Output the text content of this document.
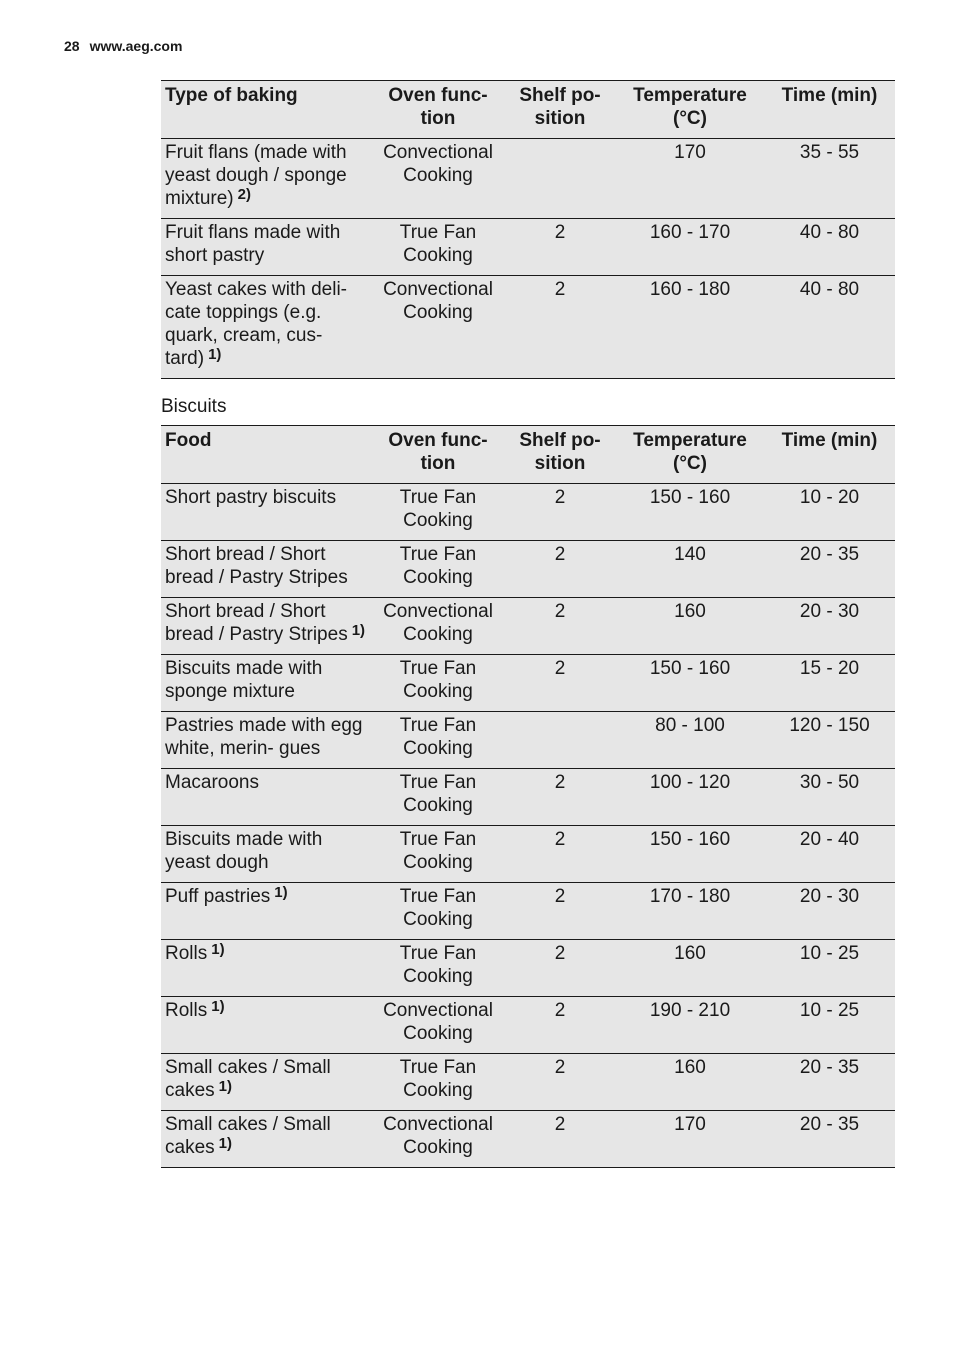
28 www.aeg.com
Type of baking	Oven func- tion	Shelf po- sition	Temperature (°C)	Time (min)
Fruit flans (made with yeast dough / sponge mixture) $^{2)}$	Convectional Cooking		170	35 - 55
Fruit flans made with short pastry	True Fan Cooking	2	160 - 170	40 - 80
Yeast cakes with deli- cate toppings (e.g. quark, cream, cus- tard) $^{1)}$	Convectional Cooking	2	160 - 180	40 - 80
Biscuits
Food	Oven func- tion	Shelf po- sition	Temperature (°C)	Time (min)
Short pastry biscuits	True Fan Cooking	2	150 - 160	10 - 20
Short bread / Short bread / Pastry Stripes	True Fan Cooking	2	140	20 - 35
Short bread / Short bread / Pastry Stripes $^{1)}$	Convectional Cooking	2	160	20 - 30
Biscuits made with sponge mixture	True Fan Cooking	2	150 - 160	15 - 20
Pastries made with egg white, merin- gues	True Fan Cooking		80 - 100	120 - 150
Macaroons	True Fan Cooking	2	100 - 120	30 - 50
Biscuits made with yeast dough	True Fan Cooking	2	150 - 160	20 - 40
Puff pastries $^{1)}$	True Fan Cooking	2	170 - 180	20 - 30
Rolls $^{1)}$	True Fan Cooking	2	160	10 - 25
Rolls $^{1)}$	Convectional Cooking	2	190 - 210	10 - 25
Small cakes / Small cakes $^{1)}$	True Fan Cooking	2	160	20 - 35
Small cakes / Small cakes $^{1)}$	Convectional Cooking	2	170	20 - 35
